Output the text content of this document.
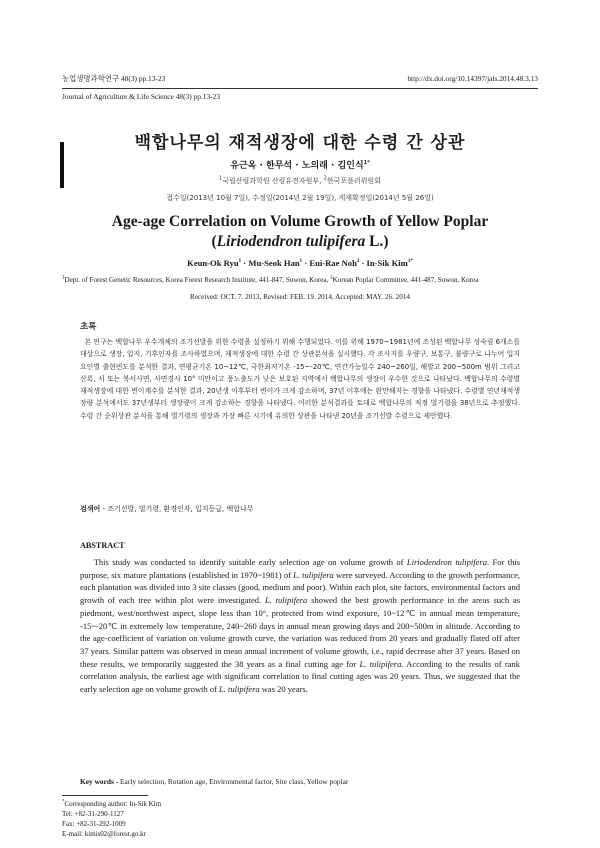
농업생명과학연구 48(3) pp.13-23	http://dx.doi.org/10.14397/jals.2014.48.3.13
Journal of Agriculture & Life Science 48(3) pp.13-23
백합나무의 재적생장에 대한 수령 간 상관
유근옥 · 한무석 · 노의래 · 김인식$^{1*}$
$^1$국립산림과학원 산림유전자원부, $^2$한국포플러위원회
접수일(2013년 10월 7일), 수정일(2014년 2월 19일), 게재확정일(2014년 5월 26일)
Age-age Correlation on Volume Growth of Yellow Poplar
(Liriodendron tulipifera L.)
Keun-Ok Ryu$^1$ · Mu-Seok Han$^1$ · Eui-Rae Noh$^2$ · In-Sik Kim$^{1*}$
$^1$Dept. of Forest Genetic Resources, Korea Forest Research Institute, 441-847, Suwon, Korea, $^2$Korean Poplar Committee, 441-487, Suwon, Korea
Received: OCT. 7. 2013, Revised: FEB. 19. 2014, Accepted: MAY. 26. 2014
초록
본 연구는 백합나무 우수개체의 조기선발을 위한 수령을 설정하기 위해 수행되었다. 이를 위해 1970~1981년에 조성된 백합나무 성숙림 6개소를 대상으로 생장, 입지, 기후인자를 조사하였으며, 재적생장에 대한 수령 간 상관분석을 실시했다. 각 조사지를 우량구, 보통구, 불량구로 나누어 입지요인별 출현빈도를 분석한 결과, 연평균기온 10~12℃, 극한최저기온 -15~-20℃, 연간가능일수 240~260일, 해발고 200~500m 범위 그리고 산록, 서 또는 북서사면, 사면경사 10° 미만이고 풍노출도가 낮은 보호된 지역에서 백합나무의 생장이 우수한 것으로 나타났다. 백합나무의 수령별 재적생장에 대한 변이계수를 분석한 결과, 20년생 이후부터 변이가 크게 감소하며, 37년 이후에는 완만해지는 경향을 나타냈다. 수령별 연년재적생장량 분석에서도 37년생부터 생장량이 크게 감소하는 경향을 나타냈다. 이러한 분석결과를 토대로 백합나무의 적정 벌기령을 38년으로 추정했다. 수령 간 순위상관 분석을 통해 벌기령의 생장과 가장 빠른 시기에 유의한 상관을 나타낸 20년을 조기선발 수령으로 제안했다.
검색어 - 조기선발, 벌기령, 환경인자, 입지등급, 백합나무
ABSTRACT
This study was conducted to identify suitable early selection age on volume growth of Liriodendron tulipifera. For this purpose, six mature plantations (established in 1970~1981) of L. tulipifera were surveyed. According to the growth performance, each plantation was divided into 3 site classes (good, medium and poor). Within each plot, site factors, environmental factors and growth of each tree within plot were investigated. L. tulipifera showed the best growth performance in the areas such as piedmont, west/northwest aspect, slope less than 10°, protected from wind exposure, 10~12℃ in annual mean temperature, -15~-20℃ in extremely low temperature, 240~260 days in annual mean growing days and 200~500m in altitude. According to the age-coefficient of variation on volume growth curve, the variation was reduced from 20 years and gradually flated off after 37 years. Similar pattern was observed in mean annual increment of volume growth, i.e., rapid decrease after 37 years. Based on these results, we temporarily suggested the 38 years as a final cutting age for L. tulipifera. According to the results of rank correlation analysis, the earliest age with significant correlation to final cutting ages was 20 years. Thus, we suggested that the early selection age on volume growth of L. tulipifera was 20 years.
Key words - Early selection, Rotation age, Environmental factor, Site class, Yellow poplar
*Corresponding author: In-Sik Kim
Tel: +82-31-290-1127
Fax: +82-31-292-1009
E-mail: kimis02@forest.go.kr
